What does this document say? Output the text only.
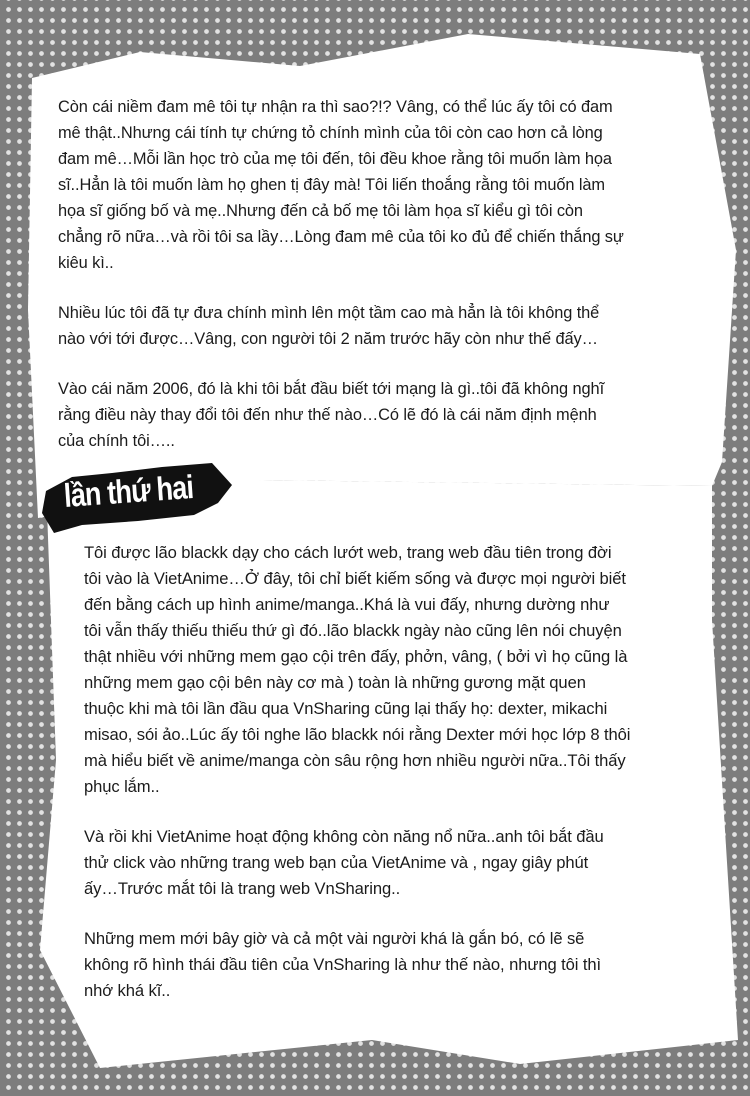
Còn cái niềm đam mê tôi tự nhận ra thì sao?!? Vâng, có thể lúc ấy tôi có đam
mê thật..Nhưng cái tính tự chứng tỏ chính mình của tôi còn cao hơn cả lòng
đam mê…Mỗi lần học trò của mẹ tôi đến, tôi đều khoe rằng tôi muốn làm họa
sĩ..Hẳn là tôi muốn làm họ ghen tị đây mà! Tôi liến thoắng rằng tôi muốn làm
họa sĩ giống bố và mẹ..Nhưng đến cả bố mẹ tôi làm họa sĩ kiểu gì tôi còn
chẳng rõ nữa…và rồi tôi sa lầy…Lòng đam mê của tôi ko đủ để chiến thắng sự
kiêu kì..

Nhiều lúc tôi đã tự đưa chính mình lên một tầm cao mà hẳn là tôi không thể
nào với tới được…Vâng, con người tôi 2 năm trước hãy còn như thế đấy…

Vào cái năm 2006, đó là khi tôi bắt đầu biết tới mạng là gì..tôi đã không nghĩ
rằng điều này thay đổi tôi đến như thế nào…Có lẽ đó là cái năm định mệnh
của chính tôi…..

lần thứ hai

Tôi được lão blackk dạy cho cách lướt web, trang web đầu tiên trong đời
tôi vào là VietAnime…Ở đây, tôi chỉ biết kiếm sống và được mọi người biết
đến bằng cách up hình anime/manga..Khá là vui đấy, nhưng dường như
tôi vẫn thấy thiếu thiếu thứ gì đó..lão blackk ngày nào cũng lên nói chuyện
thật nhiều với những mem gạo cội trên đấy, phởn, vâng, ( bởi vì họ cũng là
những mem gạo cội bên này cơ mà ) toàn là những gương mặt quen
thuộc khi mà tôi lần đầu qua VnSharing cũng lại thấy họ: dexter, mikachi
misao, sói ảo..Lúc ấy tôi nghe lão blackk nói rằng Dexter mới học lớp 8 thôi
mà hiểu biết về anime/manga còn sâu rộng hơn nhiều người nữa..Tôi thấy
phục lắm..

Và rồi khi VietAnime hoạt động không còn năng nổ nữa..anh tôi bắt đầu
thử click vào những trang web bạn của VietAnime và , ngay giây phút
ấy…Trước mắt tôi là trang web VnSharing..

Những mem mới bây giờ và cả một vài người khá là gắn bó, có lẽ sẽ
không rõ hình thái đầu tiên của VnSharing là như thế nào, nhưng tôi thì
nhớ khá kĩ..
